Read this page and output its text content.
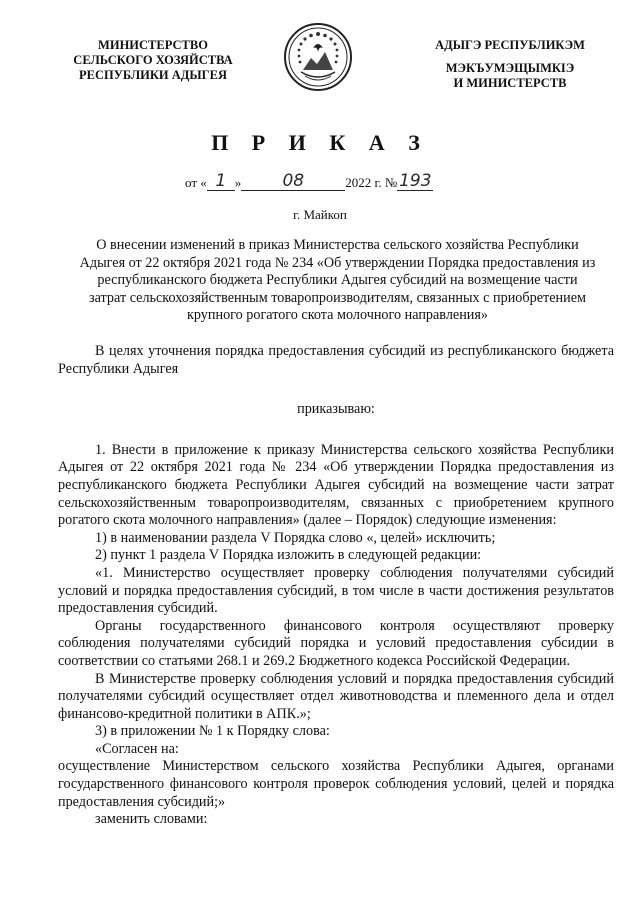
МИНИСТЕРСТВО
СЕЛЬСКОГО ХОЗЯЙСТВА
РЕСПУБЛИКИ АДЫГЕЯ
АДЫГЭ РЕСПУБЛИКЭМ
МЭКЪУМЭЩЫМКIЭ
И МИНИСТЕРСТВ
П Р И К А З
от « 1 » 08	2022 г. № 193
г. Майкоп
О внесении изменений в приказ Министерства сельского хозяйства Республики
Адыгея от 22 октября 2021 года № 234 «Об утверждении Порядка предоставления из
республиканского бюджета Республики Адыгея субсидий на возмещение части
затрат сельскохозяйственным товаропроизводителям, связанных с приобретением
крупного рогатого скота молочного направления»

В целях уточнения порядка предоставления субсидий из республиканского бюджета Республики Адыгея

приказываю:

1. Внести в приложение к приказу Министерства сельского хозяйства Республики Адыгея от 22 октября 2021 года № 234 «Об утверждении Порядка предоставления из республиканского бюджета Республики Адыгея субсидий на возмещение части затрат сельскохозяйственным товаропроизводителям, связанных с приобретением крупного рогатого скота молочного направления» (далее – Порядок) следующие изменения:

1) в наименовании раздела V Порядка слово «, целей» исключить;

2) пункт 1 раздела V Порядка изложить в следующей редакции:

«1. Министерство осуществляет проверку соблюдения получателями субсидий условий и порядка предоставления субсидий, в том числе в части достижения результатов предоставления субсидий.

Органы государственного финансового контроля осуществляют проверку соблюдения получателями субсидий порядка и условий предоставления субсидии в соответствии со статьями 268.1 и 269.2 Бюджетного кодекса Российской Федерации.

В Министерстве проверку соблюдения условий и порядка предоставления субсидий получателями субсидий осуществляет отдел животноводства и племенного дела и отдел финансово-кредитной политики в АПК.»;

3) в приложении № 1 к Порядку слова:

«Согласен на:

осуществление Министерством сельского хозяйства Республики Адыгея, органами государственного финансового контроля проверок соблюдения условий, целей и порядка предоставления субсидий;»

заменить словами:
